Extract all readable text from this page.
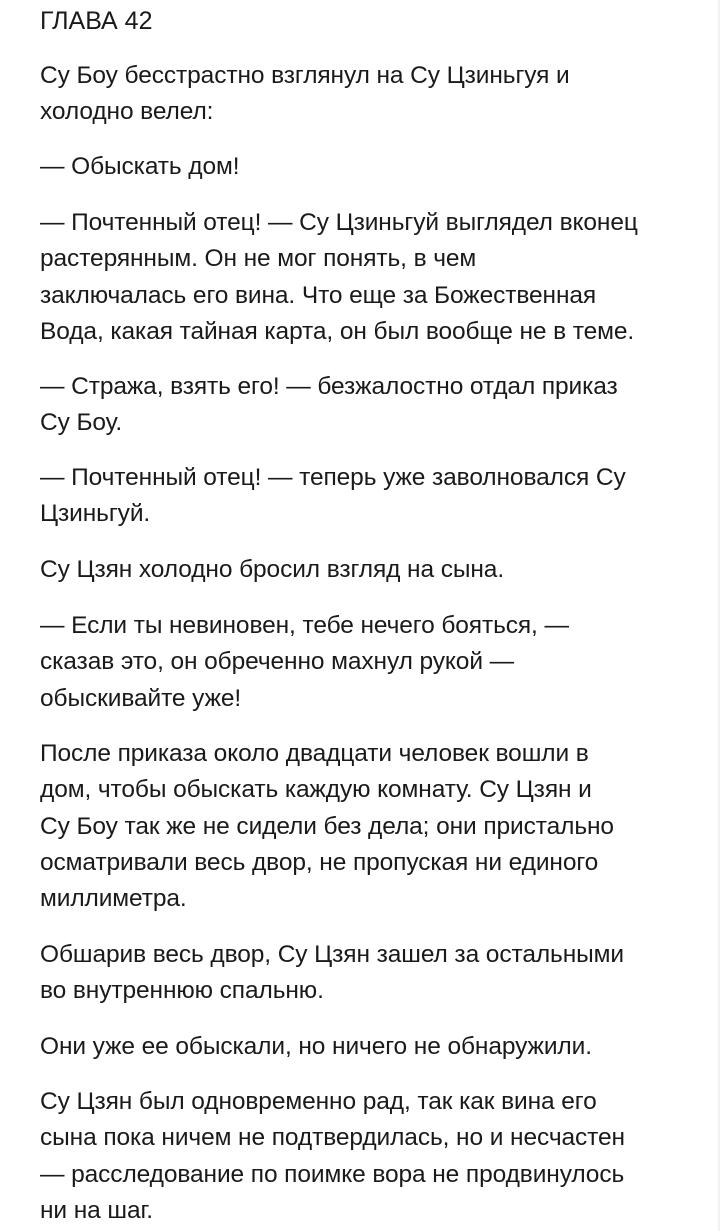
ГЛАВА 42

Су Боу бесстрастно взглянул на Су Цзиньгуя и
холодно велел:

— Обыскать дом!

— Почтенный отец! — Су Цзиньгуй выглядел вконец
растерянным. Он не мог понять, в чем
заключалась его вина. Что еще за Божественная
Вода, какая тайная карта, он был вообще не в теме.

— Стража, взять его! — безжалостно отдал приказ
Су Боу.

— Почтенный отец! — теперь уже заволновался Су
Цзиньгуй.

Су Цзян холодно бросил взгляд на сына.

— Если ты невиновен, тебе нечего бояться, —
сказав это, он обреченно махнул рукой —
обыскивайте уже!

После приказа около двадцати человек вошли в
дом, чтобы обыскать каждую комнату. Су Цзян и
Су Боу так же не сидели без дела; они пристально
осматривали весь двор, не пропуская ни единого
миллиметра.

Обшарив весь двор, Су Цзян зашел за остальными
во внутреннюю спальню.

Они уже ее обыскали, но ничего не обнаружили.

Су Цзян был одновременно рад, так как вина его
сына пока ничем не подтвердилась, но и несчастен
— расследование по поимке вора не продвинулось
ни на шаг.
